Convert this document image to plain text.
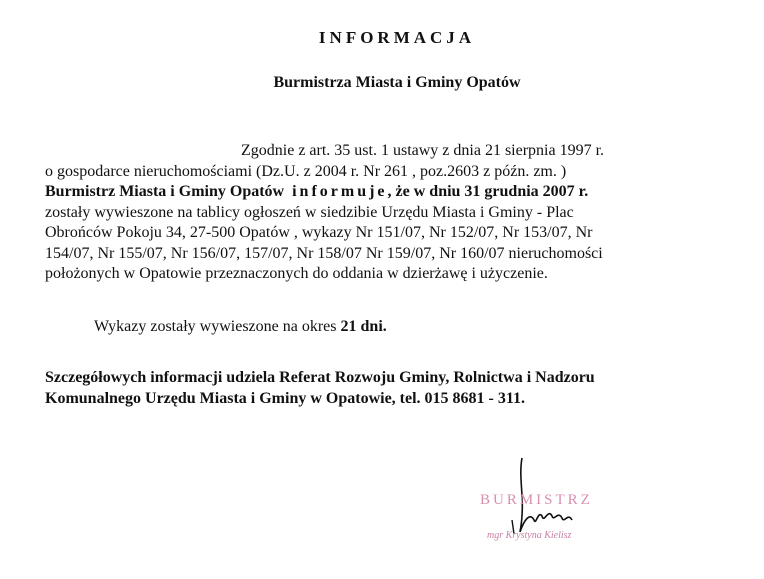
INFORMACJA
Burmistrza Miasta i Gminy Opatów
Zgodnie z art. 35 ust. 1 ustawy z dnia 21 sierpnia 1997 r.
o gospodarce nieruchomościami (Dz.U. z 2004 r. Nr 261 , poz.2603 z późn. zm. )
Burmistrz Miasta i Gminy Opatów informuje, że w dniu 31 grudnia 2007 r.
zostały wywieszone na tablicy ogłoszeń w siedzibie Urzędu Miasta i Gminy - Plac
Obrońców Pokoju 34, 27-500 Opatów , wykazy Nr 151/07, Nr 152/07, Nr 153/07, Nr
154/07, Nr 155/07, Nr 156/07, 157/07, Nr 158/07 Nr 159/07, Nr 160/07 nieruchomości
położonych w Opatowie przeznaczonych do oddania w dzierżawę i użyczenie.
Wykazy zostały wywieszone na okres 21 dni.
Szczegółowych informacji udziela Referat Rozwoju Gminy, Rolnictwa i Nadzoru
Komunalnego Urzędu Miasta i Gminy w Opatowie, tel. 015 8681 - 311.
BURMISTRZ
mgr Krystyna Kielisz
